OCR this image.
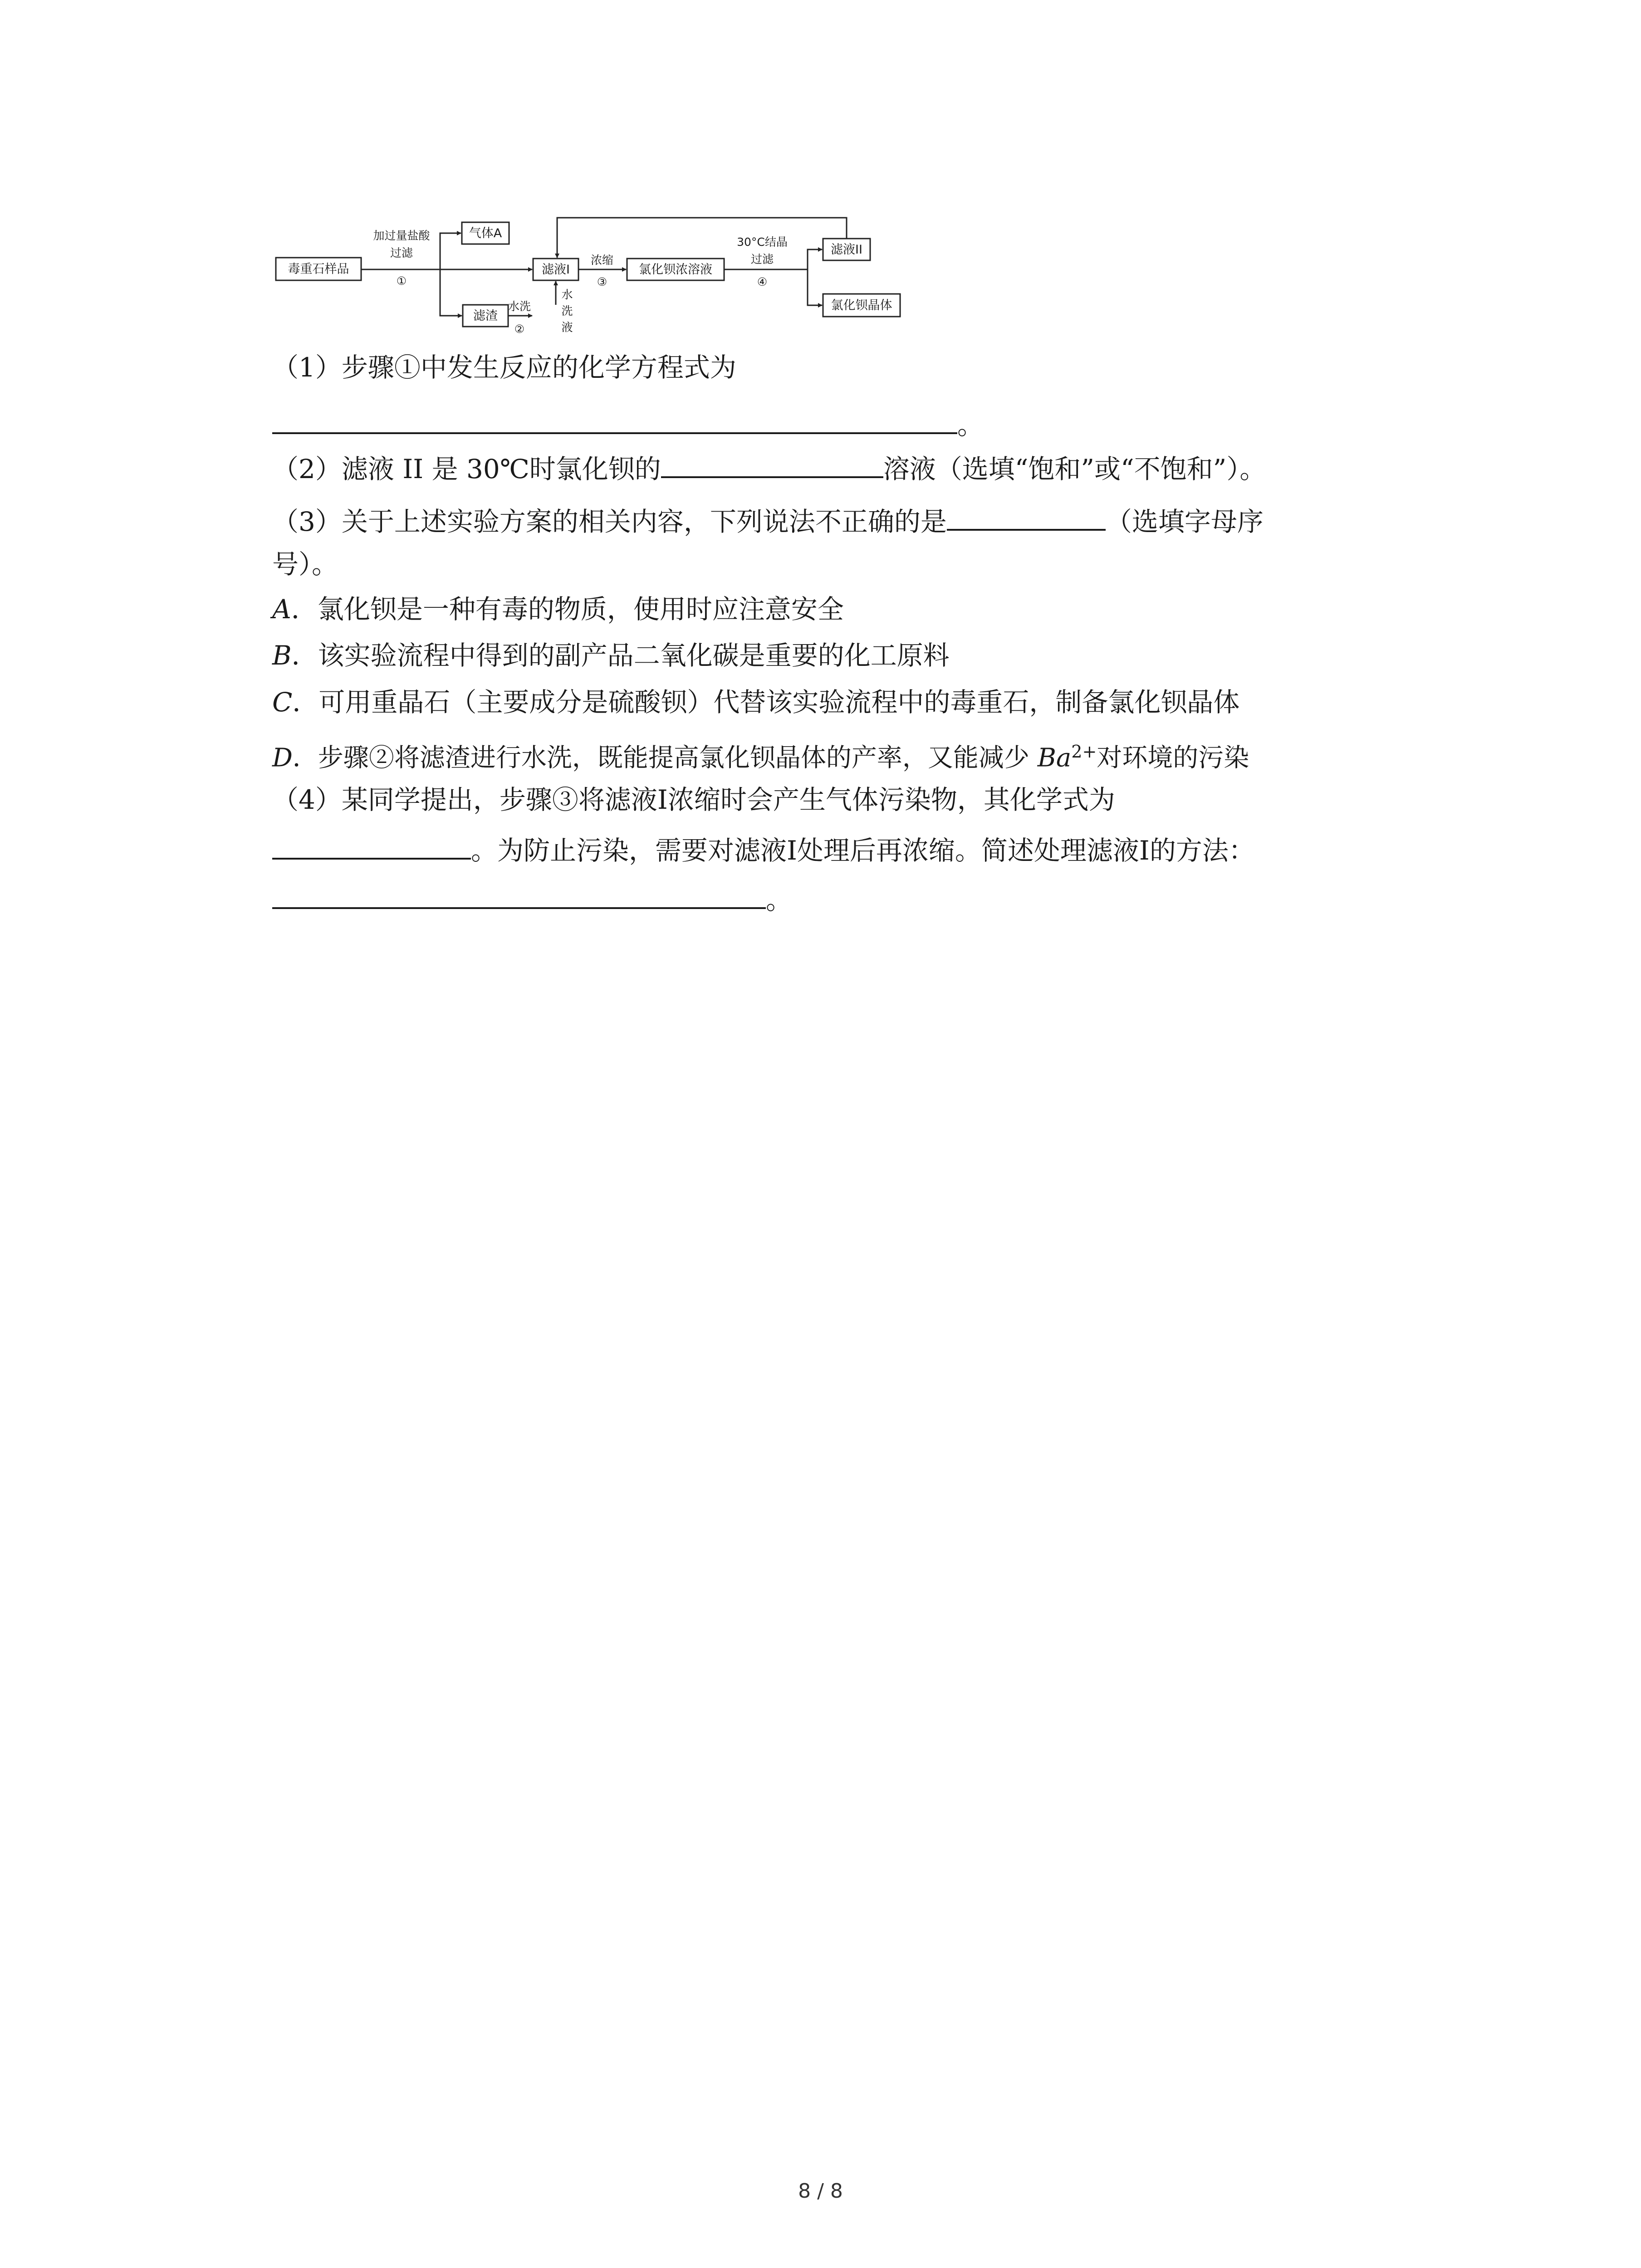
毒重石样品
气体A
滤液I
滤渣
氯化钡浓溶液
滤液II
氯化钡晶体
加过量盐酸
过滤
①
水洗
②
水
洗
液
浓缩
③
30°C结晶
过滤
④
（1）步骤①中发生反应的化学方程式为
。
（2）滤液 II 是 30℃时氯化钡的	溶液（选填“饱和”或“不饱和”）。
（3）关于上述实验方案的相关内容，下列说法不正确的是	（选填字母序
号）。
A．氯化钡是一种有毒的物质，使用时应注意安全
B．该实验流程中得到的副产品二氧化碳是重要的化工原料
C．可用重晶石（主要成分是硫酸钡）代替该实验流程中的毒重石，制备氯化钡晶体
D．步骤②将滤渣进行水洗，既能提高氯化钡晶体的产率，又能减少 $Ba^{2+}$对环境的污染
（4）某同学提出，步骤③将滤液I浓缩时会产生气体污染物，其化学式为
。为防止污染，需要对滤液I处理后再浓缩。简述处理滤液I的方法：
。
8 / 8
